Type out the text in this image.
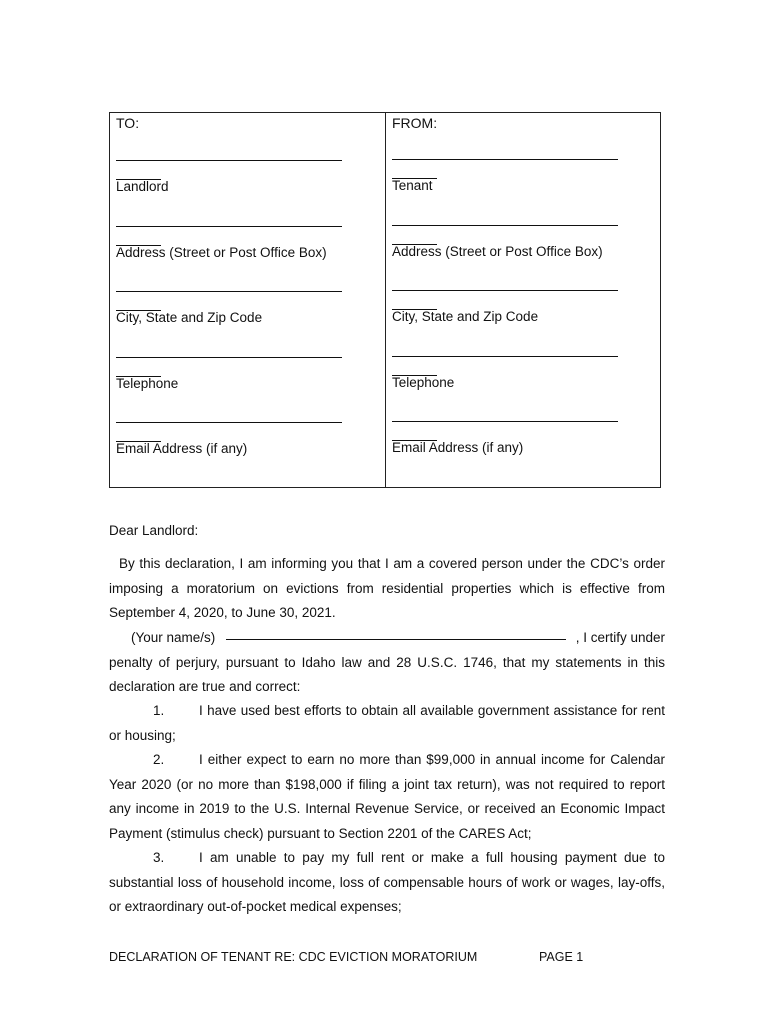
TO:
Landlord
Address (Street or Post Office Box)
City, State and Zip Code
Telephone
Email Address (if any)
FROM:
Tenant
Address (Street or Post Office Box)
City, State and Zip Code
Telephone
Email Address (if any)
Dear Landlord:
By this declaration, I am informing you that I am a covered person under the CDC’s order imposing a moratorium on evictions from residential properties which is effective from September 4, 2020, to June 30, 2021.
(Your name/s)	, I certify under
penalty of perjury, pursuant to Idaho law and 28 U.S.C. 1746, that my statements in this declaration are true and correct:
1.	I have used best efforts to obtain all available government assistance for rent or housing;
2.	I either expect to earn no more than $99,000 in annual income for Calendar Year 2020 (or no more than $198,000 if filing a joint tax return), was not required to report any income in 2019 to the U.S. Internal Revenue Service, or received an Economic Impact Payment (stimulus check) pursuant to Section 2201 of the CARES Act;
3.	I am unable to pay my full rent or make a full housing payment due to substantial loss of household income, loss of compensable hours of work or wages, lay-offs, or extraordinary out-of-pocket medical expenses;
DECLARATION OF TENANT RE: CDC EVICTION MORATORIUM	PAGE 1
